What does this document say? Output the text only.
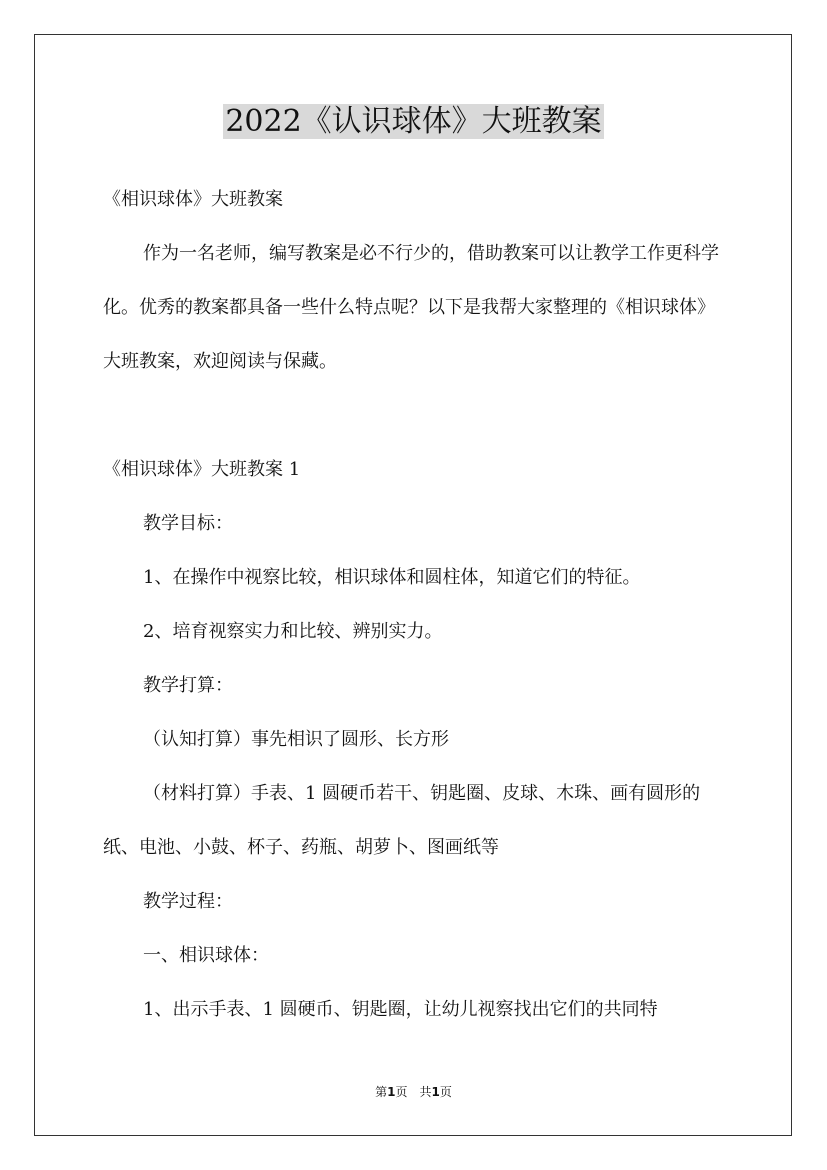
2022《认识球体》大班教案

《相识球体》大班教案

作为一名老师，编写教案是必不行少的，借助教案可以让教学工作更科学化。优秀的教案都具备一些什么特点呢？以下是我帮大家整理的《相识球体》大班教案，欢迎阅读与保藏。

《相识球体》大班教案 1

教学目标：

1、在操作中视察比较，相识球体和圆柱体，知道它们的特征。

2、培育视察实力和比较、辨别实力。

教学打算：

（认知打算）事先相识了圆形、长方形

（材料打算）手表、1 圆硬币若干、钥匙圈、皮球、木珠、画有圆形的纸、电池、小鼓、杯子、药瓶、胡萝卜、图画纸等

教学过程：

一、相识球体：

1、出示手表、1 圆硬币、钥匙圈，让幼儿视察找出它们的共同特

第1页　共1页
